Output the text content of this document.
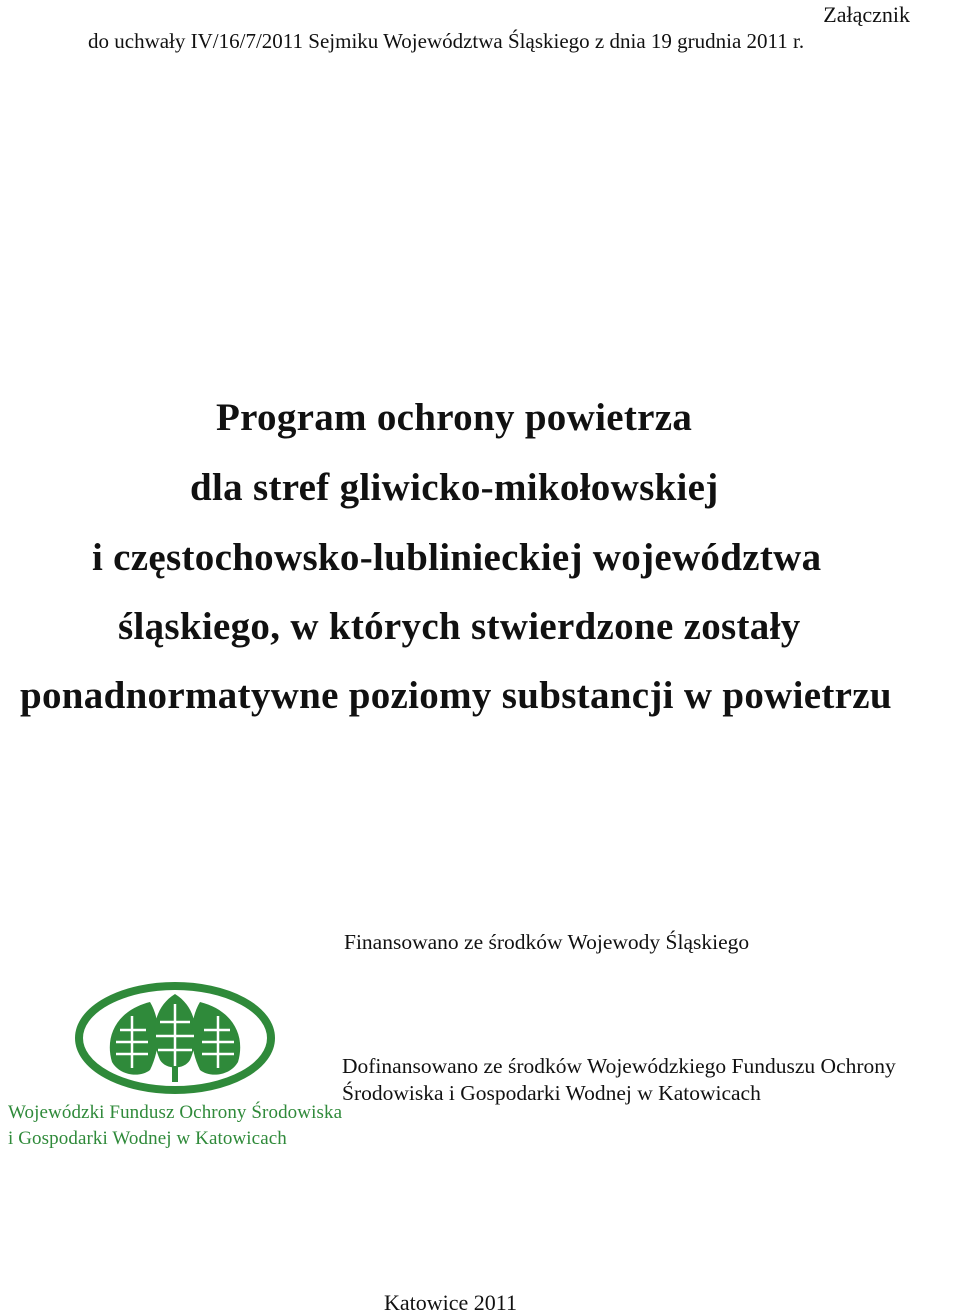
Załącznik
do uchwały IV/16/7/2011 Sejmiku Województwa Śląskiego z dnia 19 grudnia 2011 r.
Program ochrony powietrza
dla stref gliwicko-mikołowskiej
i częstochowsko-lublinieckiej województwa
śląskiego, w których stwierdzone zostały
ponadnormatywne poziomy substancji w powietrzu
Finansowano ze środków Wojewody Śląskiego
Wojewódzki Fundusz Ochrony Środowiska
i Gospodarki Wodnej w Katowicach
Dofinansowano ze środków Wojewódzkiego Funduszu Ochrony
Środowiska i Gospodarki Wodnej w Katowicach
Katowice 2011
